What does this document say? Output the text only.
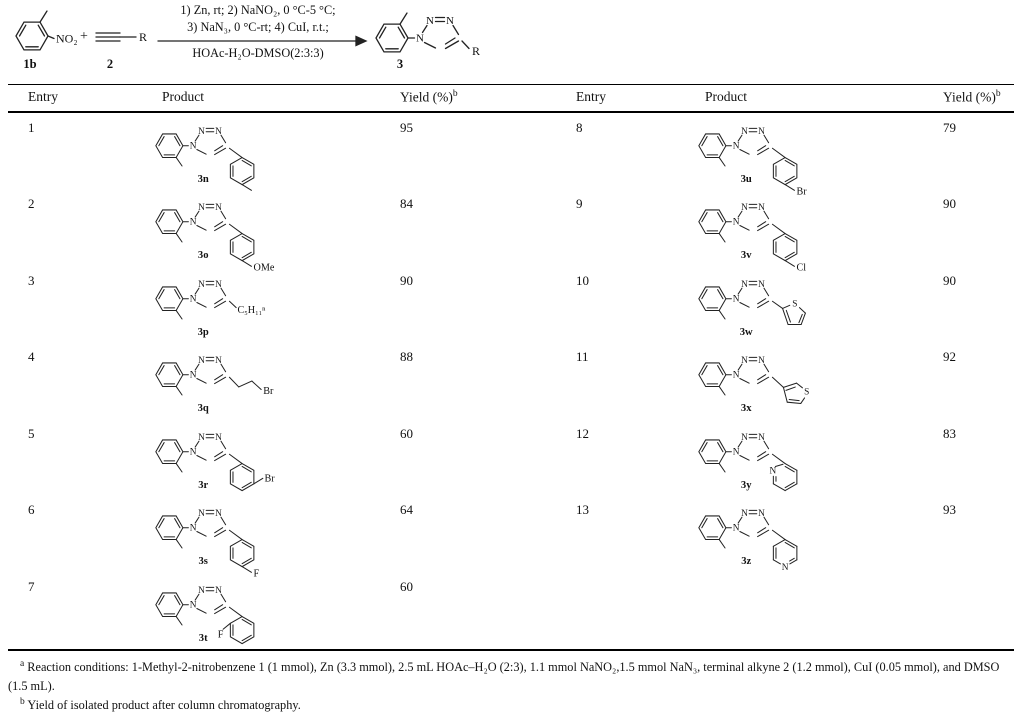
NO₂
1b
+	R
2
1) Zn, rt; 2) NaNO₂, 0 °C-5 °C;
3) NaN₃, 0 °C-rt; 4) CuI, r.t.;
HOAc-H₂O-DMSO(2:3:3)
N
N N
R
3
Entry	Product	Yield (%)$^b$	Entry	Product	Yield (%)$^b$
1
N
N N
3n
95
2
N
N N
OMe
3o
84
3
N
N N
C₅H₁₁ⁿ
3p
90
4
N
N N
Br
3q
88
5
N
N N
Br
3r
60
6
N
N N
F
3s
64
7
N
N N
F
3t
60
8
N
N N
Br
3u
79
9
N
N N
Cl
3v
90
10
N
N N
S
3w
90
11
N
N N
S
3x
92
12
N
N N
N
3y
83
13
N
N N
N
3z
93

$^a$ Reaction conditions: 1-Methyl-2-nitrobenzene 1 (1 mmol), Zn (3.3 mmol), 2.5 mL HOAc–H₂O (2:3), 1.1 mmol NaNO₂,1.5 mmol NaN₃, terminal alkyne 2 (1.2 mmol), CuI (0.05 mmol), and DMSO (1.5 mL).

$^b$ Yield of isolated product after column chromatography.
